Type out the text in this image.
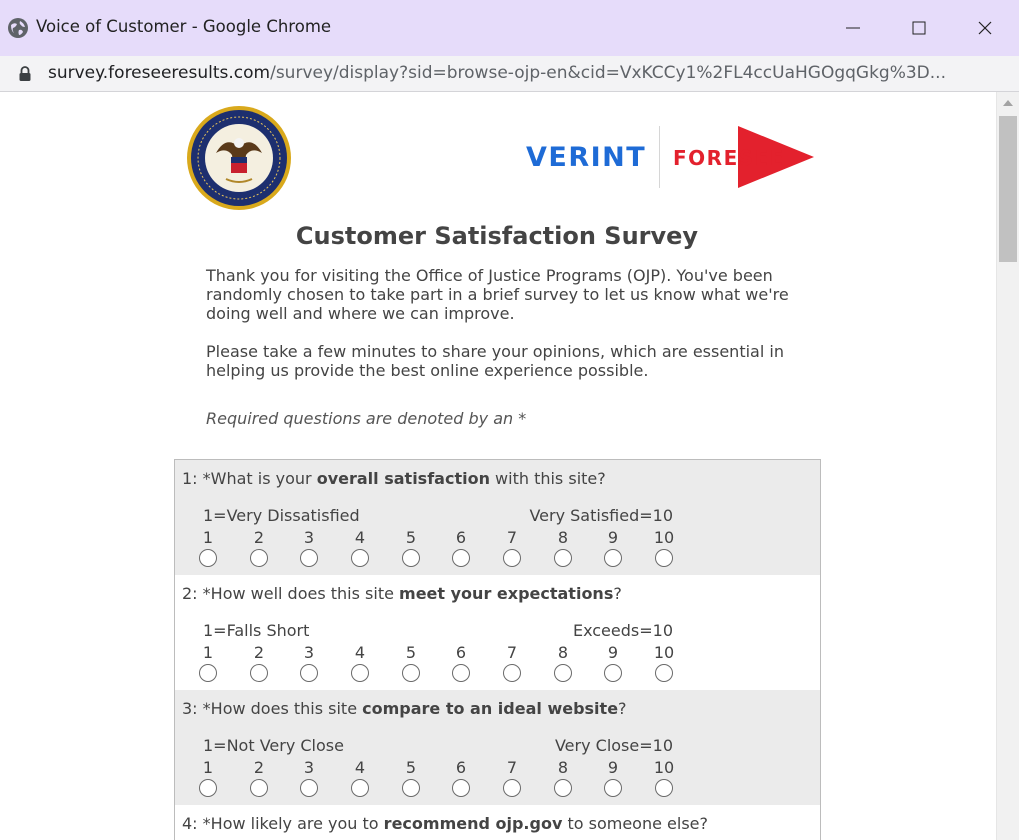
Voice of Customer - Google Chrome
survey.foreseeresults.com/survey/display?sid=browse-ojp-en&cid=VxKCCy1%2FL4ccUaHGOgqGkg%3D...
VERINT FORESEE
Customer Satisfaction Survey

Thank you for visiting the Office of Justice Programs (OJP). You've been randomly chosen to take part in a brief survey to let us know what we're doing well and where we can improve.

Please take a few minutes to share your opinions, which are essential in helping us provide the best online experience possible.

Required questions are denoted by an *
1: *What is your overall satisfaction with this site?
1=Very Dissatisfied	Very Satisfied=10
1	2	3	4	5	6	7	8	9	10
2: *How well does this site meet your expectations?
1=Falls Short	Exceeds=10
1	2	3	4	5	6	7	8	9	10
3: *How does this site compare to an ideal website?
1=Not Very Close	Very Close=10
1	2	3	4	5	6	7	8	9	10
4: *How likely are you to recommend ojp.gov to someone else?
